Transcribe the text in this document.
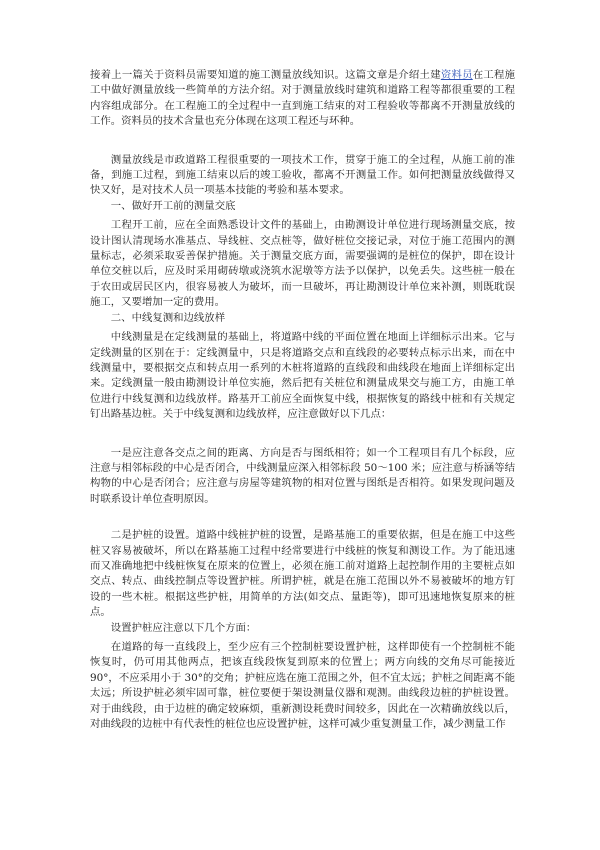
接着上一篇关于资料员需要知道的施工测量放线知识。这篇文章是介绍土建资料员在工程施工中做好测量放线一些简单的方法介绍。对于测量放线时建筑和道路工程等都很重要的工程内容组成部分。在工程施工的全过程中一直到施工结束的对工程验收等都离不开测量放线的工作。资料员的技术含量也充分体现在这项工程还与环种。

测量放线是市政道路工程很重要的一项技术工作，贯穿于施工的全过程，从施工前的准备，到施工过程，到施工结束以后的竣工验收，都离不开测量工作。如何把测量放线做得又快又好，是对技术人员一项基本技能的考验和基本要求。

一、做好开工前的测量交底

工程开工前，应在全面熟悉设计文件的基础上，由勘测设计单位进行现场测量交底，按设计图认清现场水准基点、导线桩、交点桩等，做好桩位交接记录，对位于施工范围内的测量标志，必须采取妥善保护措施。关于测量交底方面，需要强调的是桩位的保护，即在设计单位交桩以后，应及时采用砌砖墩或浇筑水泥墩等方法予以保护，以免丢失。这些桩一般在于农田或居民区内，很容易被人为破坏，而一旦破坏，再让勘测设计单位来补测，则既耽误施工，又要增加一定的费用。

二、中线复测和边线放样

中线测量是在定线测量的基础上，将道路中线的平面位置在地面上详细标示出来。它与定线测量的区别在于：定线测量中，只是将道路交点和直线段的必要转点标示出来，而在中线测量中，要根据交点和转点用一系列的木桩将道路的直线段和曲线段在地面上详细标定出来。定线测量一般由勘测设计单位实施，然后把有关桩位和测量成果交与施工方，由施工单位进行中线复测和边线放样。路基开工前应全面恢复中线，根据恢复的路线中桩和有关规定钉出路基边桩。关于中线复测和边线放样，应注意做好以下几点：

一是应注意各交点之间的距离、方向是否与图纸相符；如一个工程项目有几个标段，应注意与相邻标段的中心是否闭合，中线测量应深入相邻标段 50～100 米；应注意与桥涵等结构物的中心是否闭合；应注意与房屋等建筑物的相对位置与图纸是否相符。如果发现问题及时联系设计单位查明原因。

二是护桩的设置。道路中线桩护桩的设置，是路基施工的重要依据，但是在施工中这些桩又容易被破坏，所以在路基施工过程中经常要进行中线桩的恢复和测设工作。为了能迅速而又准确地把中线桩恢复在原来的位置上，必须在施工前对道路上起控制作用的主要桩点如交点、转点、曲线控制点等设置护桩。所谓护桩，就是在施工范围以外不易被破坏的地方钉设的一些木桩。根据这些护桩，用简单的方法(如交点、量距等)，即可迅速地恢复原来的桩点。

设置护桩应注意以下几个方面：

在道路的每一直线段上，至少应有三个控制桩要设置护桩，这样即使有一个控制桩不能恢复时，仍可用其他两点，把该直线段恢复到原来的位置上；两方向线的交角尽可能接近90°，不应采用小于 30°的交角；护桩应选在施工范围之外，但不宜太远；护桩之间距离不能太远；所设护桩必须牢固可靠，桩位要便于架设测量仪器和观测。曲线段边桩的护桩设置。对于曲线段，由于边桩的确定较麻烦，重新测设耗费时间较多，因此在一次精确放线以后，对曲线段的边桩中有代表性的桩位也应设置护桩，这样可减少重复测量工作，减少测量工作
